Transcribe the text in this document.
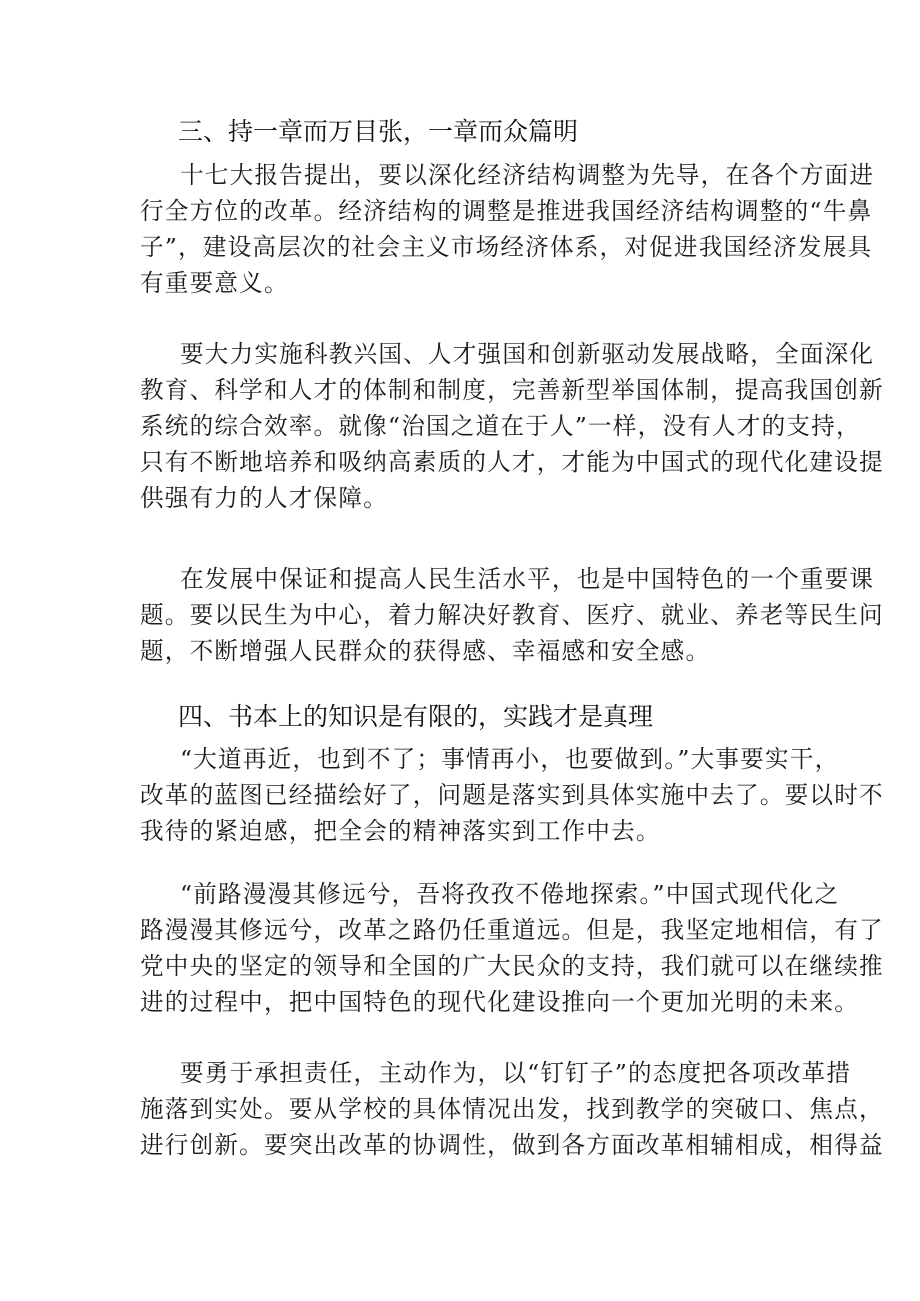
三、持一章而万目张，一章而众篇明
十七大报告提出，要以深化经济结构调整为先导，在各个方面进
行全方位的改革。经济结构的调整是推进我国经济结构调整的“牛鼻
子”，建设高层次的社会主义市场经济体系，对促进我国经济发展具
有重要意义。
要大力实施科教兴国、人才强国和创新驱动发展战略，全面深化
教育、科学和人才的体制和制度，完善新型举国体制，提高我国创新
系统的综合效率。就像“治国之道在于人”一样，没有人才的支持，
只有不断地培养和吸纳高素质的人才，才能为中国式的现代化建设提
供强有力的人才保障。
在发展中保证和提高人民生活水平，也是中国特色的一个重要课
题。要以民生为中心，着力解决好教育、医疗、就业、养老等民生问
题，不断增强人民群众的获得感、幸福感和安全感。
四、书本上的知识是有限的，实践才是真理
“大道再近，也到不了；事情再小，也要做到。”大事要实干，
改革的蓝图已经描绘好了，问题是落实到具体实施中去了。要以时不
我待的紧迫感，把全会的精神落实到工作中去。
“前路漫漫其修远兮，吾将孜孜不倦地探索。”中国式现代化之
路漫漫其修远兮，改革之路仍任重道远。但是，我坚定地相信，有了
党中央的坚定的领导和全国的广大民众的支持，我们就可以在继续推
进的过程中，把中国特色的现代化建设推向一个更加光明的未来。
要勇于承担责任，主动作为，以“钉钉子”的态度把各项改革措
施落到实处。要从学校的具体情况出发，找到教学的突破口、焦点，
进行创新。要突出改革的协调性，做到各方面改革相辅相成，相得益
